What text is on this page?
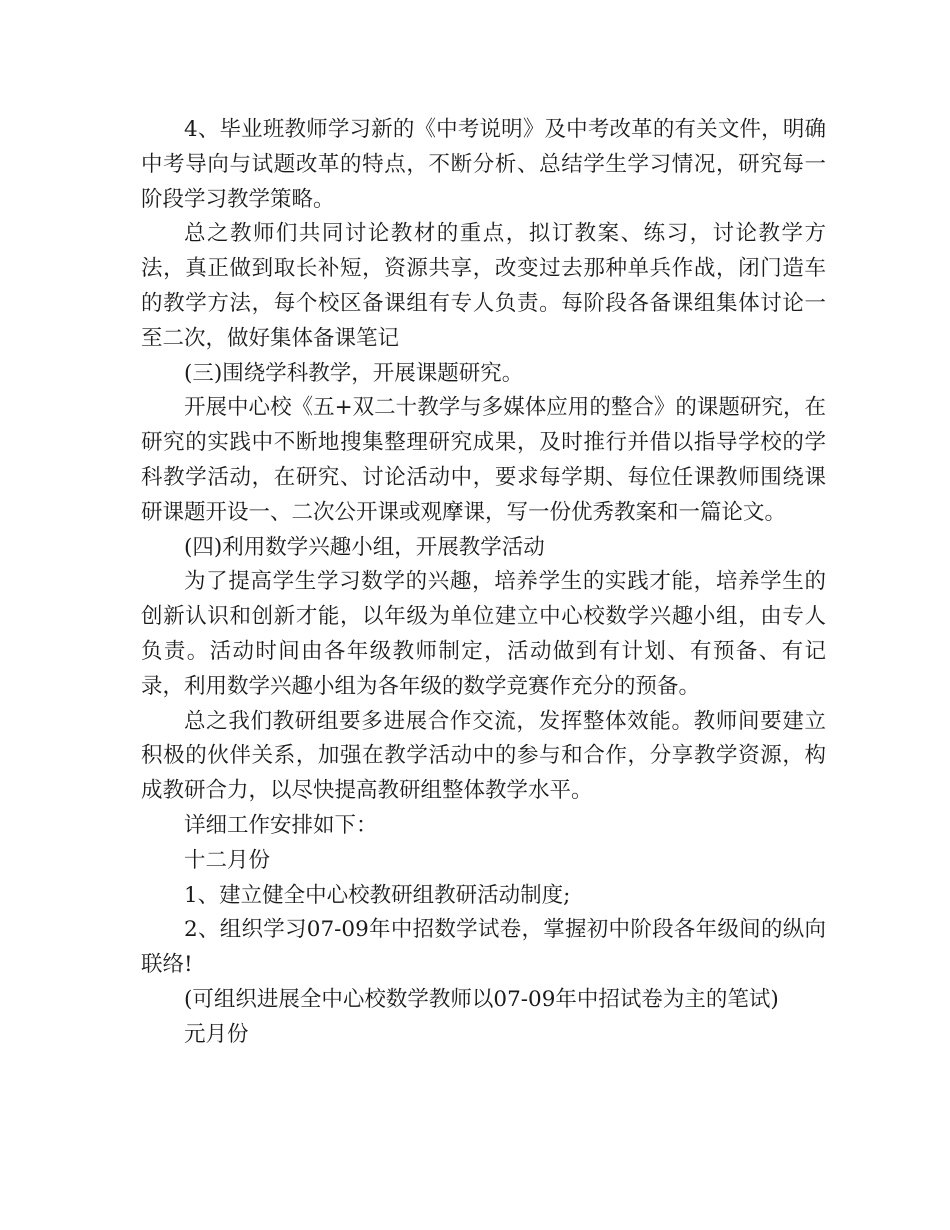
4、毕业班教师学习新的《中考说明》及中考改革的有关文件，明确中考导向与试题改革的特点，不断分析、总结学生学习情况，研究每一阶段学习教学策略。

总之教师们共同讨论教材的重点，拟订教案、练习，讨论教学方法，真正做到取长补短，资源共享，改变过去那种单兵作战，闭门造车的教学方法，每个校区备课组有专人负责。每阶段各备课组集体讨论一至二次，做好集体备课笔记

(三)围绕学科教学，开展课题研究。

开展中心校《五+双二十教学与多媒体应用的整合》的课题研究，在研究的实践中不断地搜集整理研究成果，及时推行并借以指导学校的学科教学活动，在研究、讨论活动中，要求每学期、每位任课教师围绕课研课题开设一、二次公开课或观摩课，写一份优秀教案和一篇论文。

(四)利用数学兴趣小组，开展教学活动

为了提高学生学习数学的兴趣，培养学生的实践才能，培养学生的创新认识和创新才能，以年级为单位建立中心校数学兴趣小组，由专人负责。活动时间由各年级教师制定，活动做到有计划、有预备、有记录，利用数学兴趣小组为各年级的数学竞赛作充分的预备。

总之我们教研组要多进展合作交流，发挥整体效能。教师间要建立积极的伙伴关系，加强在教学活动中的参与和合作，分享教学资源，构成教研合力，以尽快提高教研组整体教学水平。

详细工作安排如下：

十二月份

1、建立健全中心校教研组教研活动制度;

2、组织学习07-09年中招数学试卷，掌握初中阶段各年级间的纵向联络!

(可组织进展全中心校数学教师以07-09年中招试卷为主的笔试)

元月份
